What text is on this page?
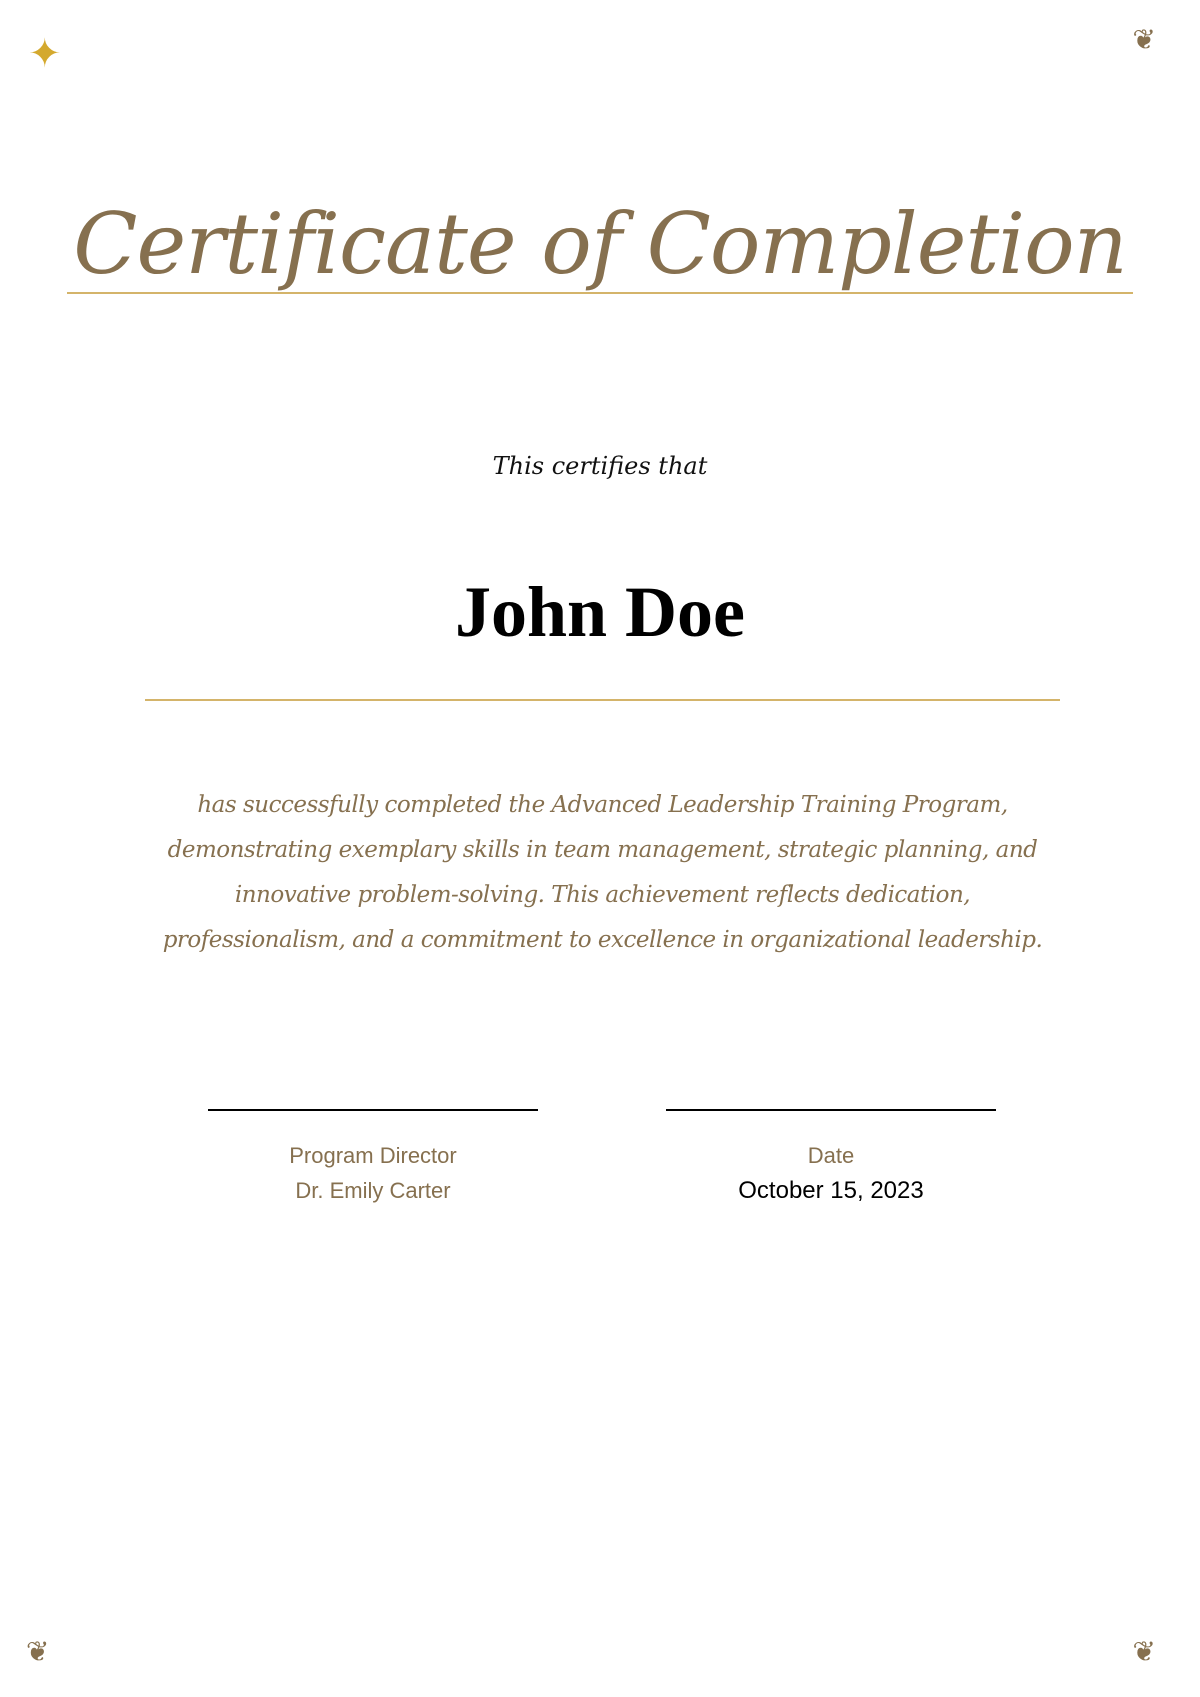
✦	❦
❦	❦
Certificate of Completion
This certifies that
John Doe
has successfully completed the Advanced Leadership Training Program, demonstrating exemplary skills in team management, strategic planning, and innovative problem-solving. This achievement reflects dedication, professionalism, and a commitment to excellence in organizational leadership.
Program Director
Dr. Emily Carter
Date
October 15, 2023
